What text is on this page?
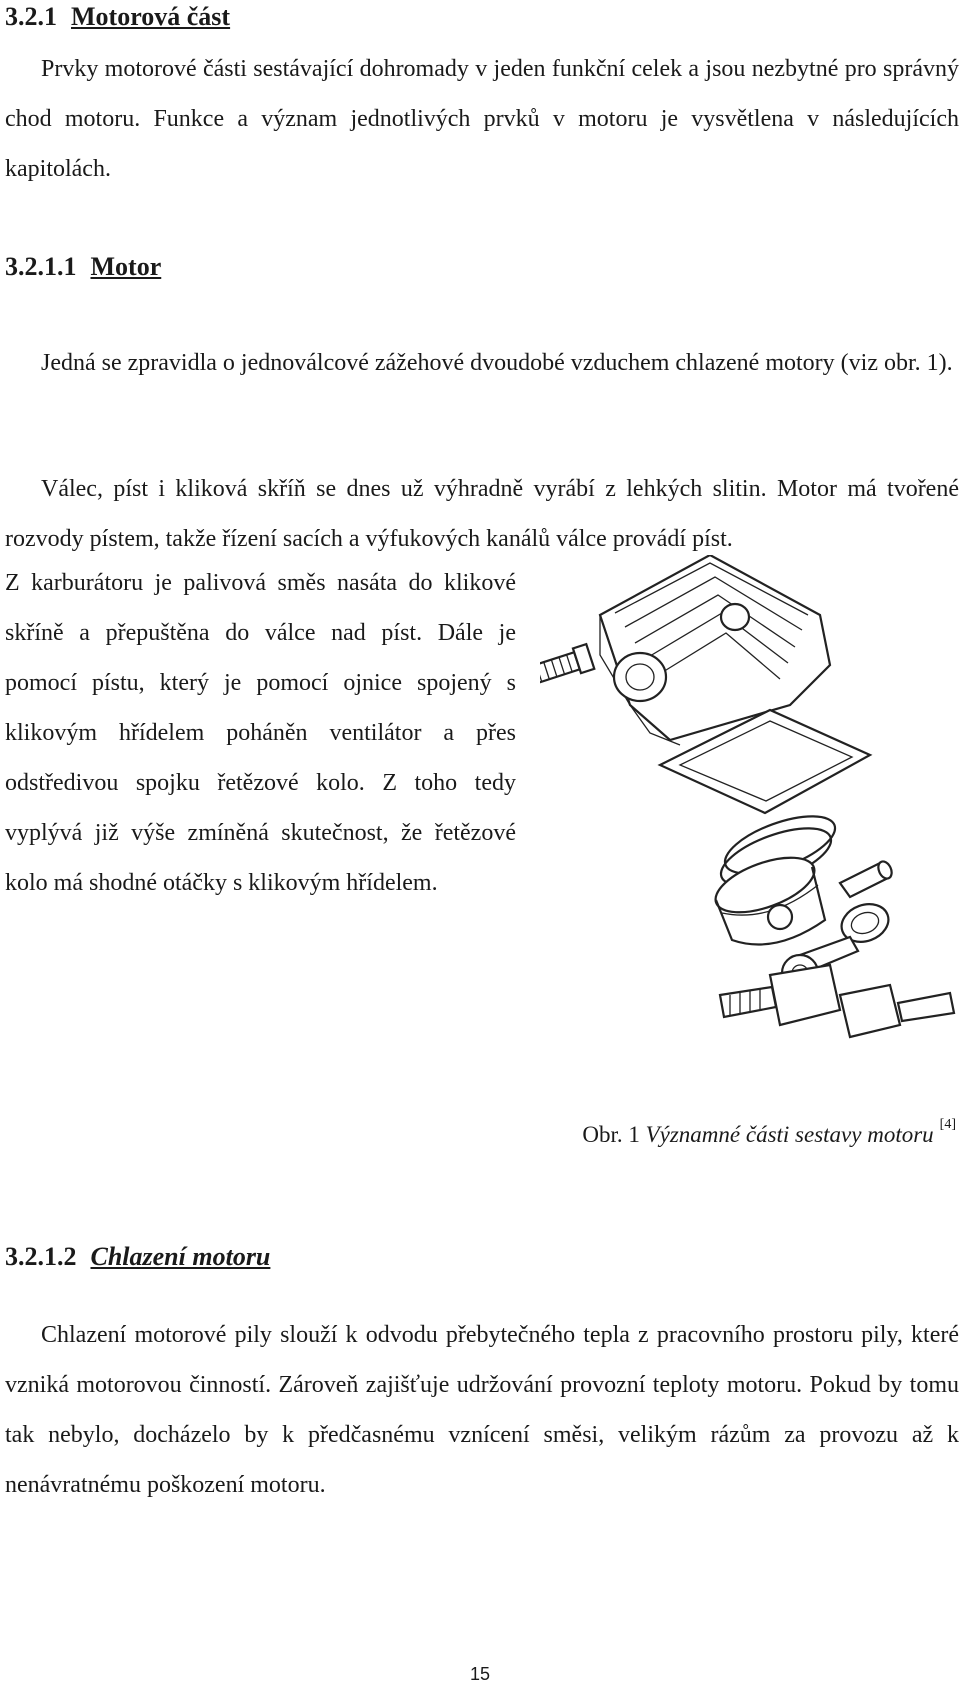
3.2.1 Motorová část
Prvky motorové části sestávající dohromady v jeden funkční celek a jsou nezbytné pro správný chod motoru. Funkce a význam jednotlivých prvků v motoru je vysvětlena v následujících kapitolách.
3.2.1.1 Motor
Jedná se zpravidla o jednoválcové zážehové dvoudobé vzduchem chlazené motory (viz obr. 1).
Válec, píst i kliková skříň se dnes už výhradně vyrábí z lehkých slitin. Motor má tvořené rozvody pístem, takže řízení sacích a výfukových kanálů válce provádí píst.
Z karburátoru je palivová směs nasáta do klikové skříně a přepuštěna do válce nad píst. Dále je pomocí pístu, který je pomocí ojnice spojený s klikovým hřídelem poháněn ventilátor a přes odstředivou spojku řetězové kolo. Z toho tedy vyplývá již výše zmíněná skutečnost, že řetězové kolo má shodné otáčky s klikovým hřídelem.
Obr. 1 Významné části sestavy motoru [4]
3.2.1.2 Chlazení motoru
Chlazení motorové pily slouží k odvodu přebytečného tepla z pracovního prostoru pily, které vzniká motorovou činností. Zároveň zajišťuje udržování provozní teploty motoru. Pokud by tomu tak nebylo, docházelo by k předčasnému vznícení směsi, velikým rázům za provozu až k nenávratnému poškození motoru.
15
